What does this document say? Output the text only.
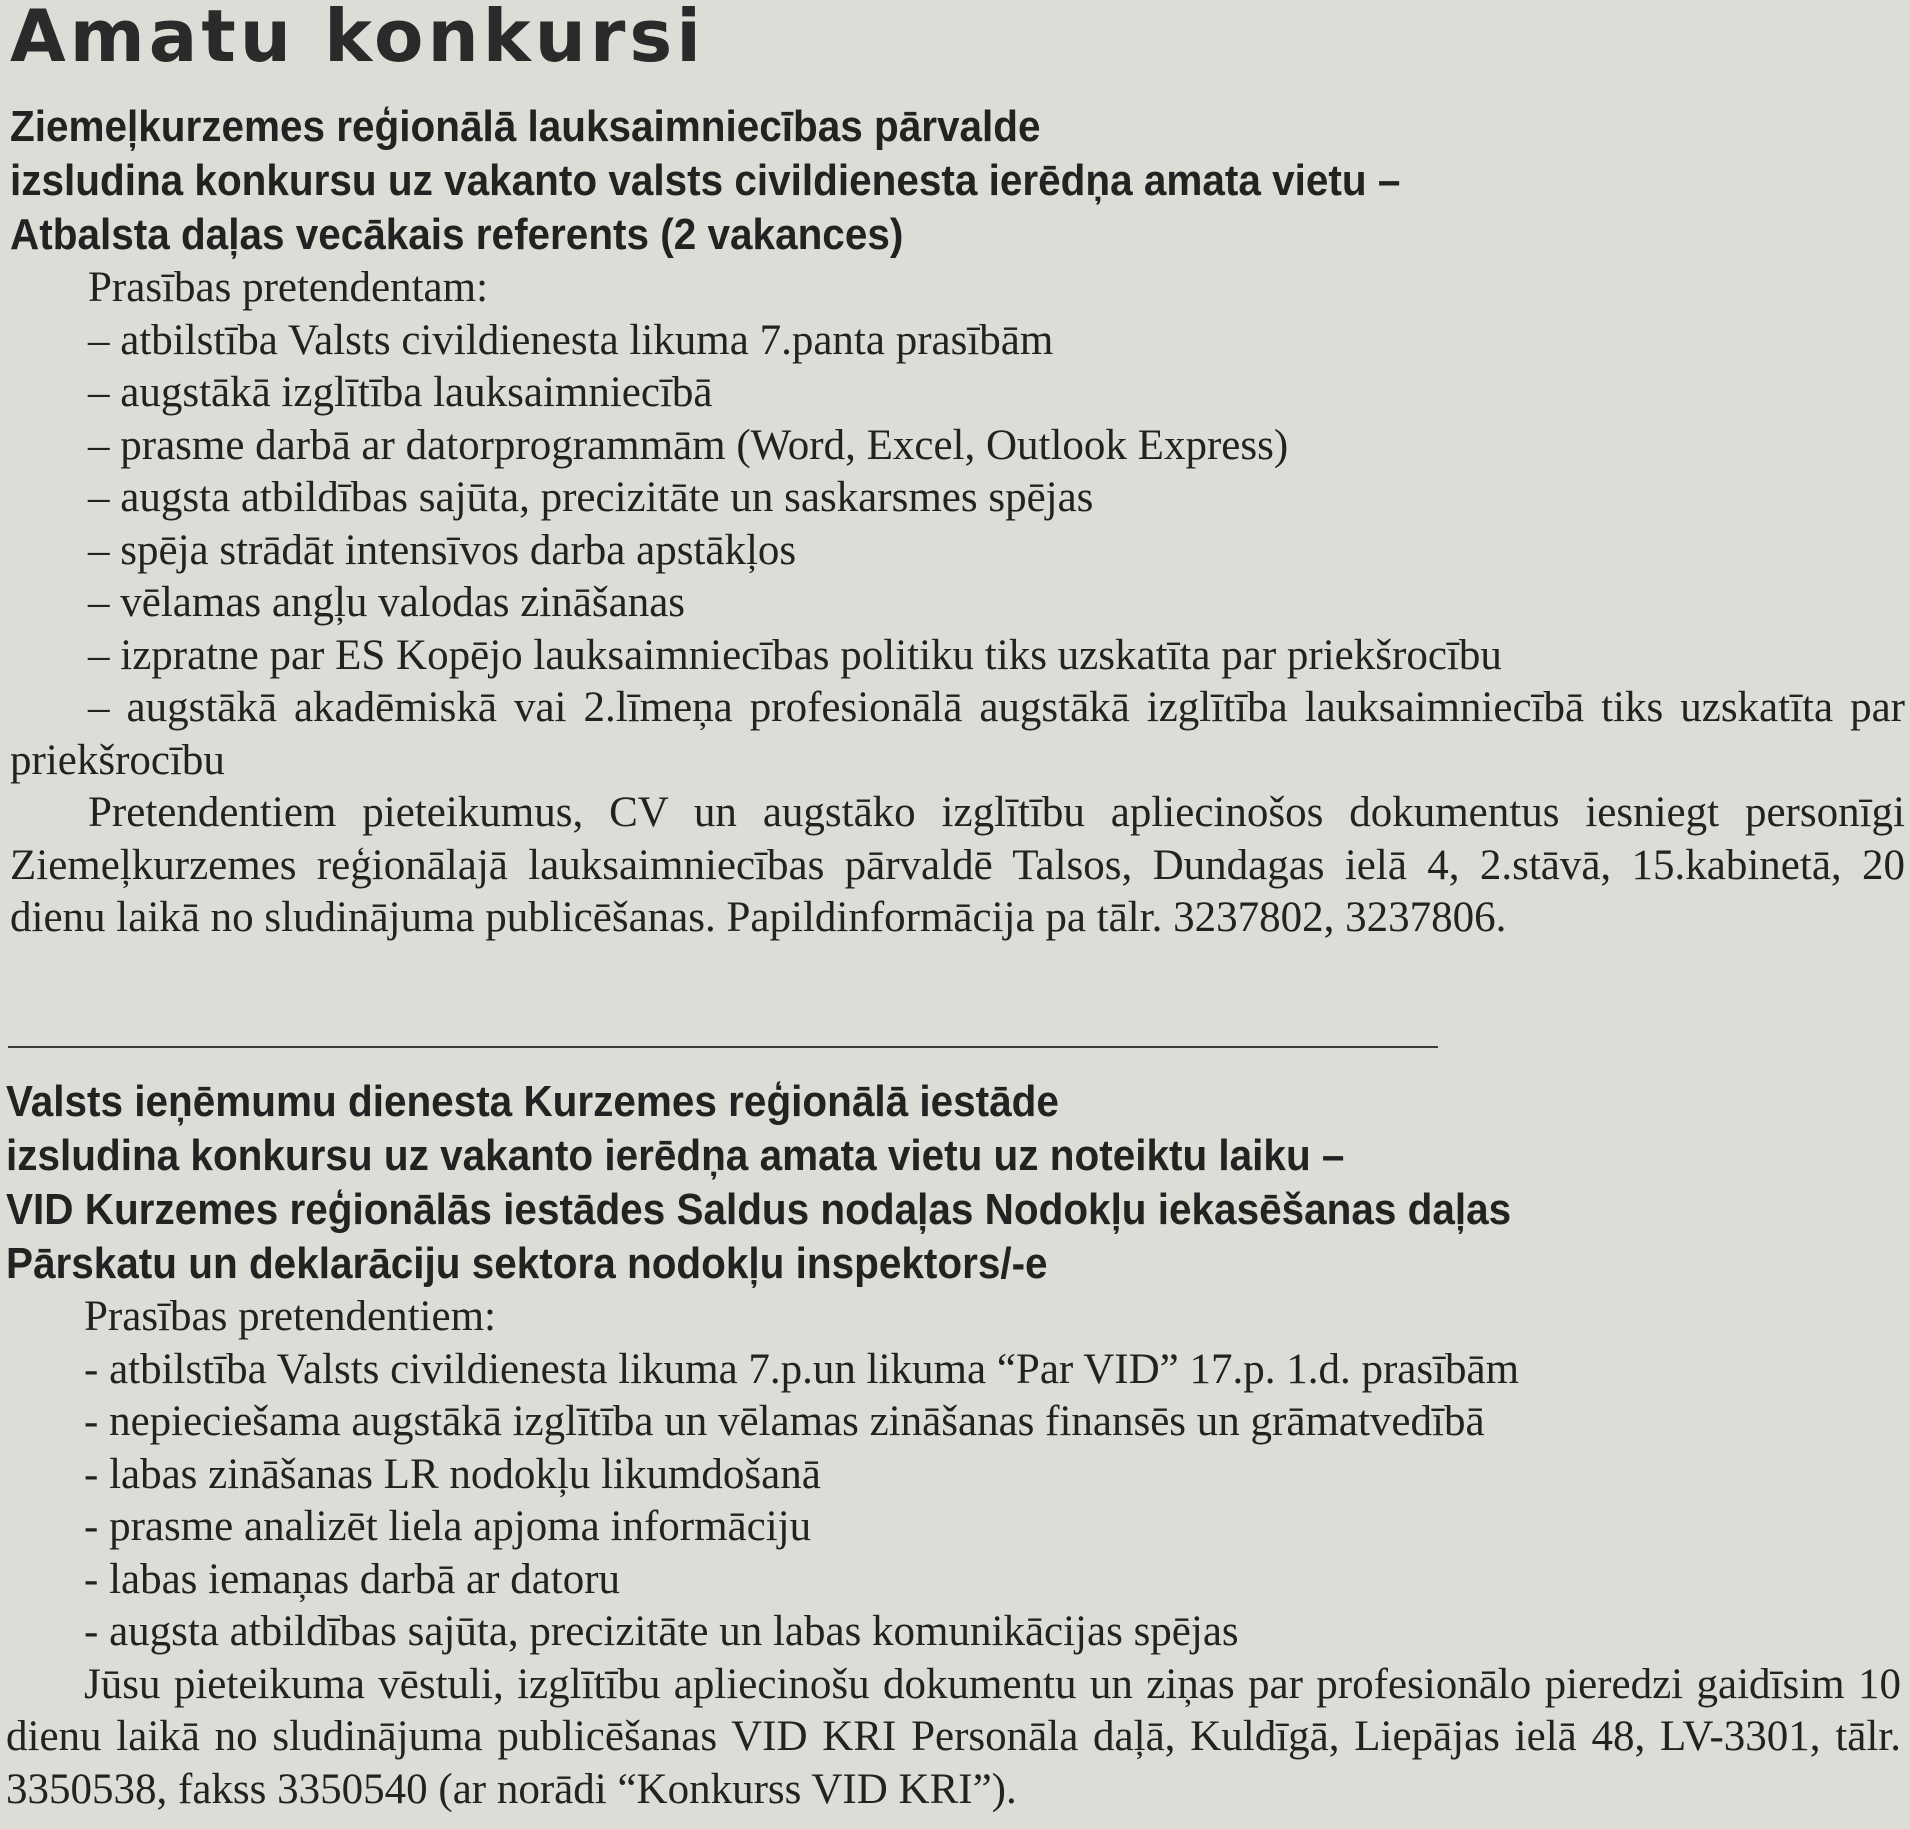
Amatu konkursi

Ziemeļkurzemes reģionālā lauksaimniecības pārvalde

izsludina konkursu uz vakanto valsts civildienesta ierēdņa amata vietu –

Atbalsta daļas vecākais referents (2 vakances)

Prasības pretendentam:

– atbilstība Valsts civildienesta likuma 7.panta prasībām
– augstākā izglītība lauksaimniecībā
– prasme darbā ar datorprogrammām (Word, Excel, Outlook Express)
– augsta atbildības sajūta, precizitāte un saskarsmes spējas
– spēja strādāt intensīvos darba apstākļos
– vēlamas angļu valodas zināšanas
– izpratne par ES Kopējo lauksaimniecības politiku tiks uzskatīta par priekšrocību
– augstākā akadēmiskā vai 2.līmeņa profesionālā augstākā izglītība lauksaimniecībā tiks uzskatīta par priekšrocību

Pretendentiem pieteikumus, CV un augstāko izglītību apliecinošos dokumentus iesniegt personīgi Ziemeļkurzemes reģionālajā lauksaimniecības pārvaldē Talsos, Dundagas ielā 4, 2.stāvā, 15.kabinetā, 20 dienu laikā no sludinājuma publicēšanas. Papildinformācija pa tālr. 3237802, 3237806.

Valsts ieņēmumu dienesta Kurzemes reģionālā iestāde

izsludina konkursu uz vakanto ierēdņa amata vietu uz noteiktu laiku –

VID Kurzemes reģionālās iestādes Saldus nodaļas Nodokļu iekasēšanas daļas

Pārskatu un deklarāciju sektora nodokļu inspektors/-e

Prasības pretendentiem:

- atbilstība Valsts civildienesta likuma 7.p.un likuma “Par VID” 17.p. 1.d. prasībām
- nepieciešama augstākā izglītība un vēlamas zināšanas finansēs un grāmatvedībā
- labas zināšanas LR nodokļu likumdošanā
- prasme analizēt liela apjoma informāciju
- labas iemaņas darbā ar datoru
- augsta atbildības sajūta, precizitāte un labas komunikācijas spējas

Jūsu pieteikuma vēstuli, izglītību apliecinošu dokumentu un ziņas par profesionālo pieredzi gaidīsim 10 dienu laikā no sludinājuma publicēšanas VID KRI Personāla daļā, Kuldīgā, Liepājas ielā 48, LV-3301, tālr. 3350538, fakss 3350540 (ar norādi “Konkurss VID KRI”).
